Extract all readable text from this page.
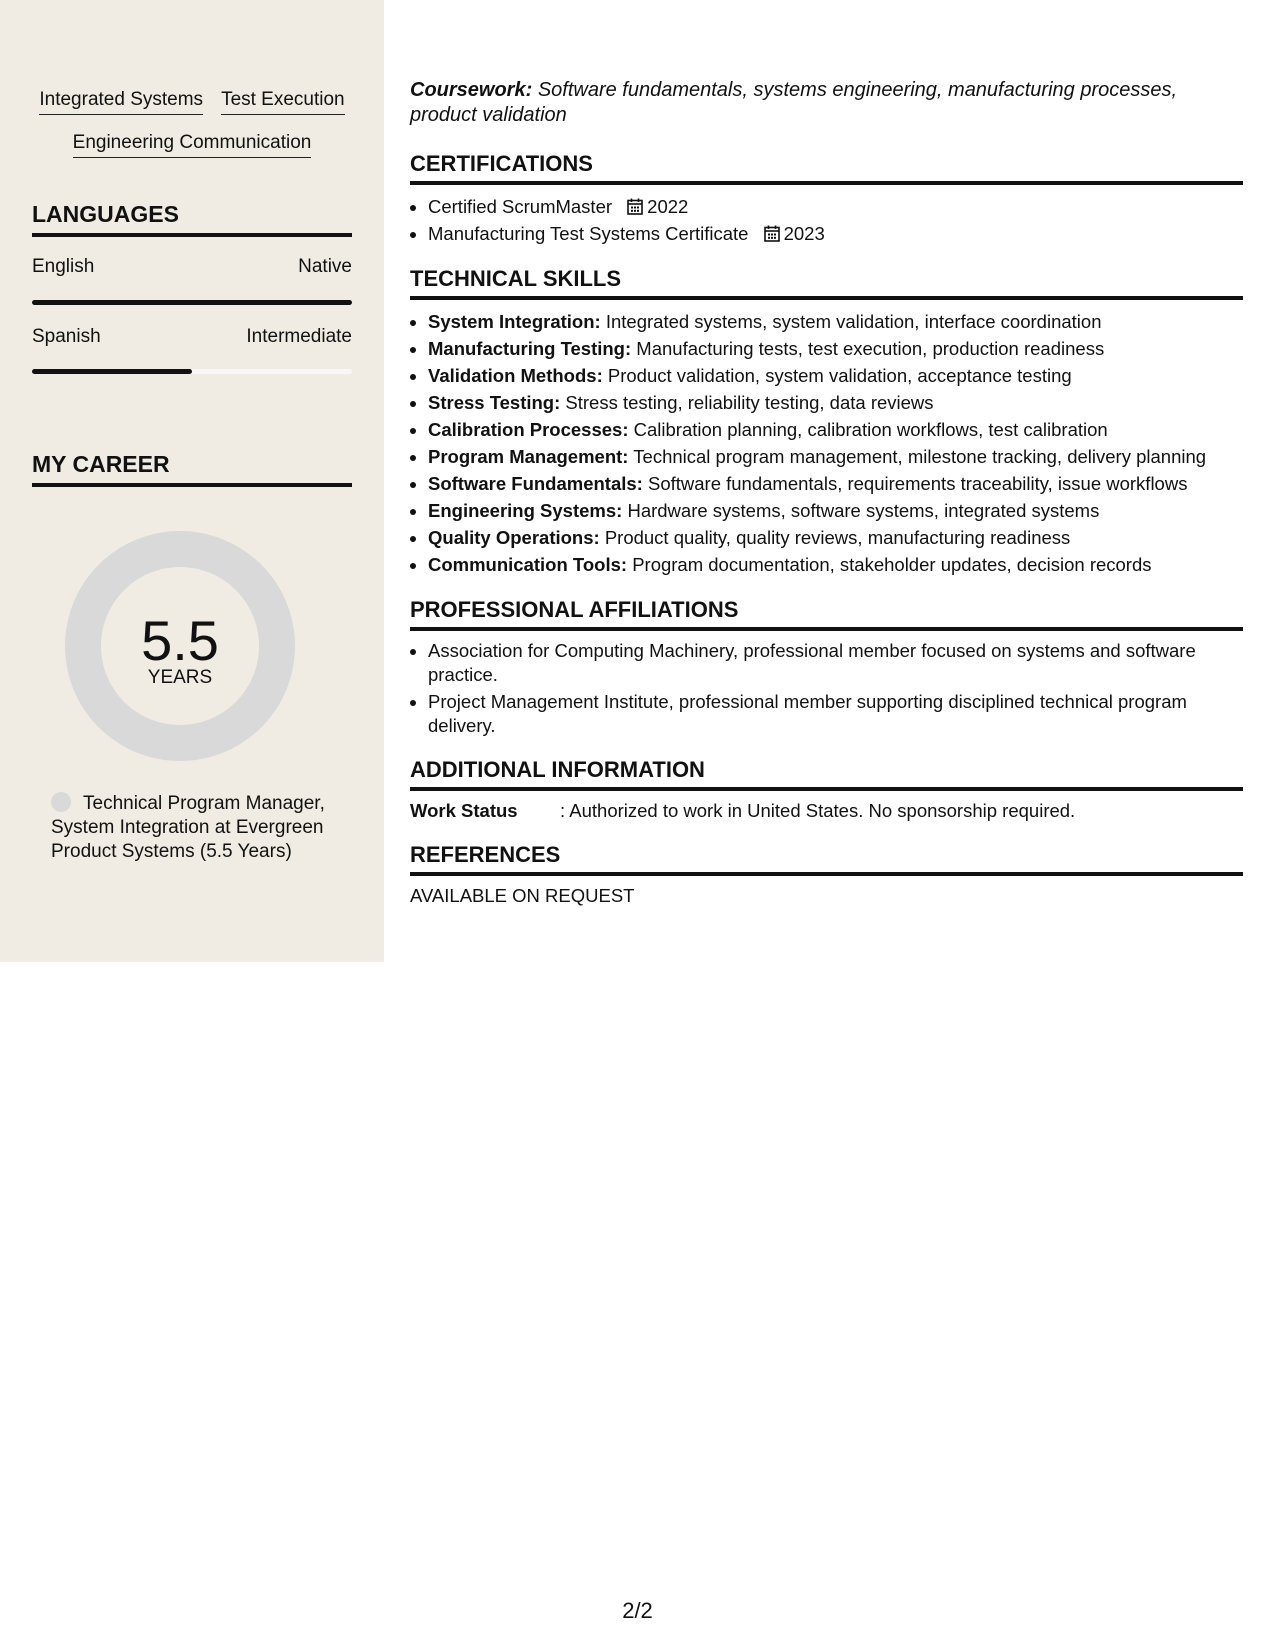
Integrated Systems Test Execution
Engineering Communication
LANGUAGES
English	Native
Spanish	Intermediate
MY CAREER
5.5
YEARS
Technical Program Manager, System Integration at Evergreen Product Systems (5.5 Years)
Coursework: Software fundamentals, systems engineering, manufacturing processes, product validation
CERTIFICATIONS
• Certified ScrumMaster 2022
• Manufacturing Test Systems Certificate 2023
TECHNICAL SKILLS
• System Integration: Integrated systems, system validation, interface coordination
• Manufacturing Testing: Manufacturing tests, test execution, production readiness
• Validation Methods: Product validation, system validation, acceptance testing
• Stress Testing: Stress testing, reliability testing, data reviews
• Calibration Processes: Calibration planning, calibration workflows, test calibration
• Program Management: Technical program management, milestone tracking, delivery planning
• Software Fundamentals: Software fundamentals, requirements traceability, issue workflows
• Engineering Systems: Hardware systems, software systems, integrated systems
• Quality Operations: Product quality, quality reviews, manufacturing readiness
• Communication Tools: Program documentation, stakeholder updates, decision records
PROFESSIONAL AFFILIATIONS
• Association for Computing Machinery, professional member focused on systems and software practice.
• Project Management Institute, professional member supporting disciplined technical program delivery.
ADDITIONAL INFORMATION
Work Status	: Authorized to work in United States. No sponsorship required.
REFERENCES
AVAILABLE ON REQUEST
2/2
